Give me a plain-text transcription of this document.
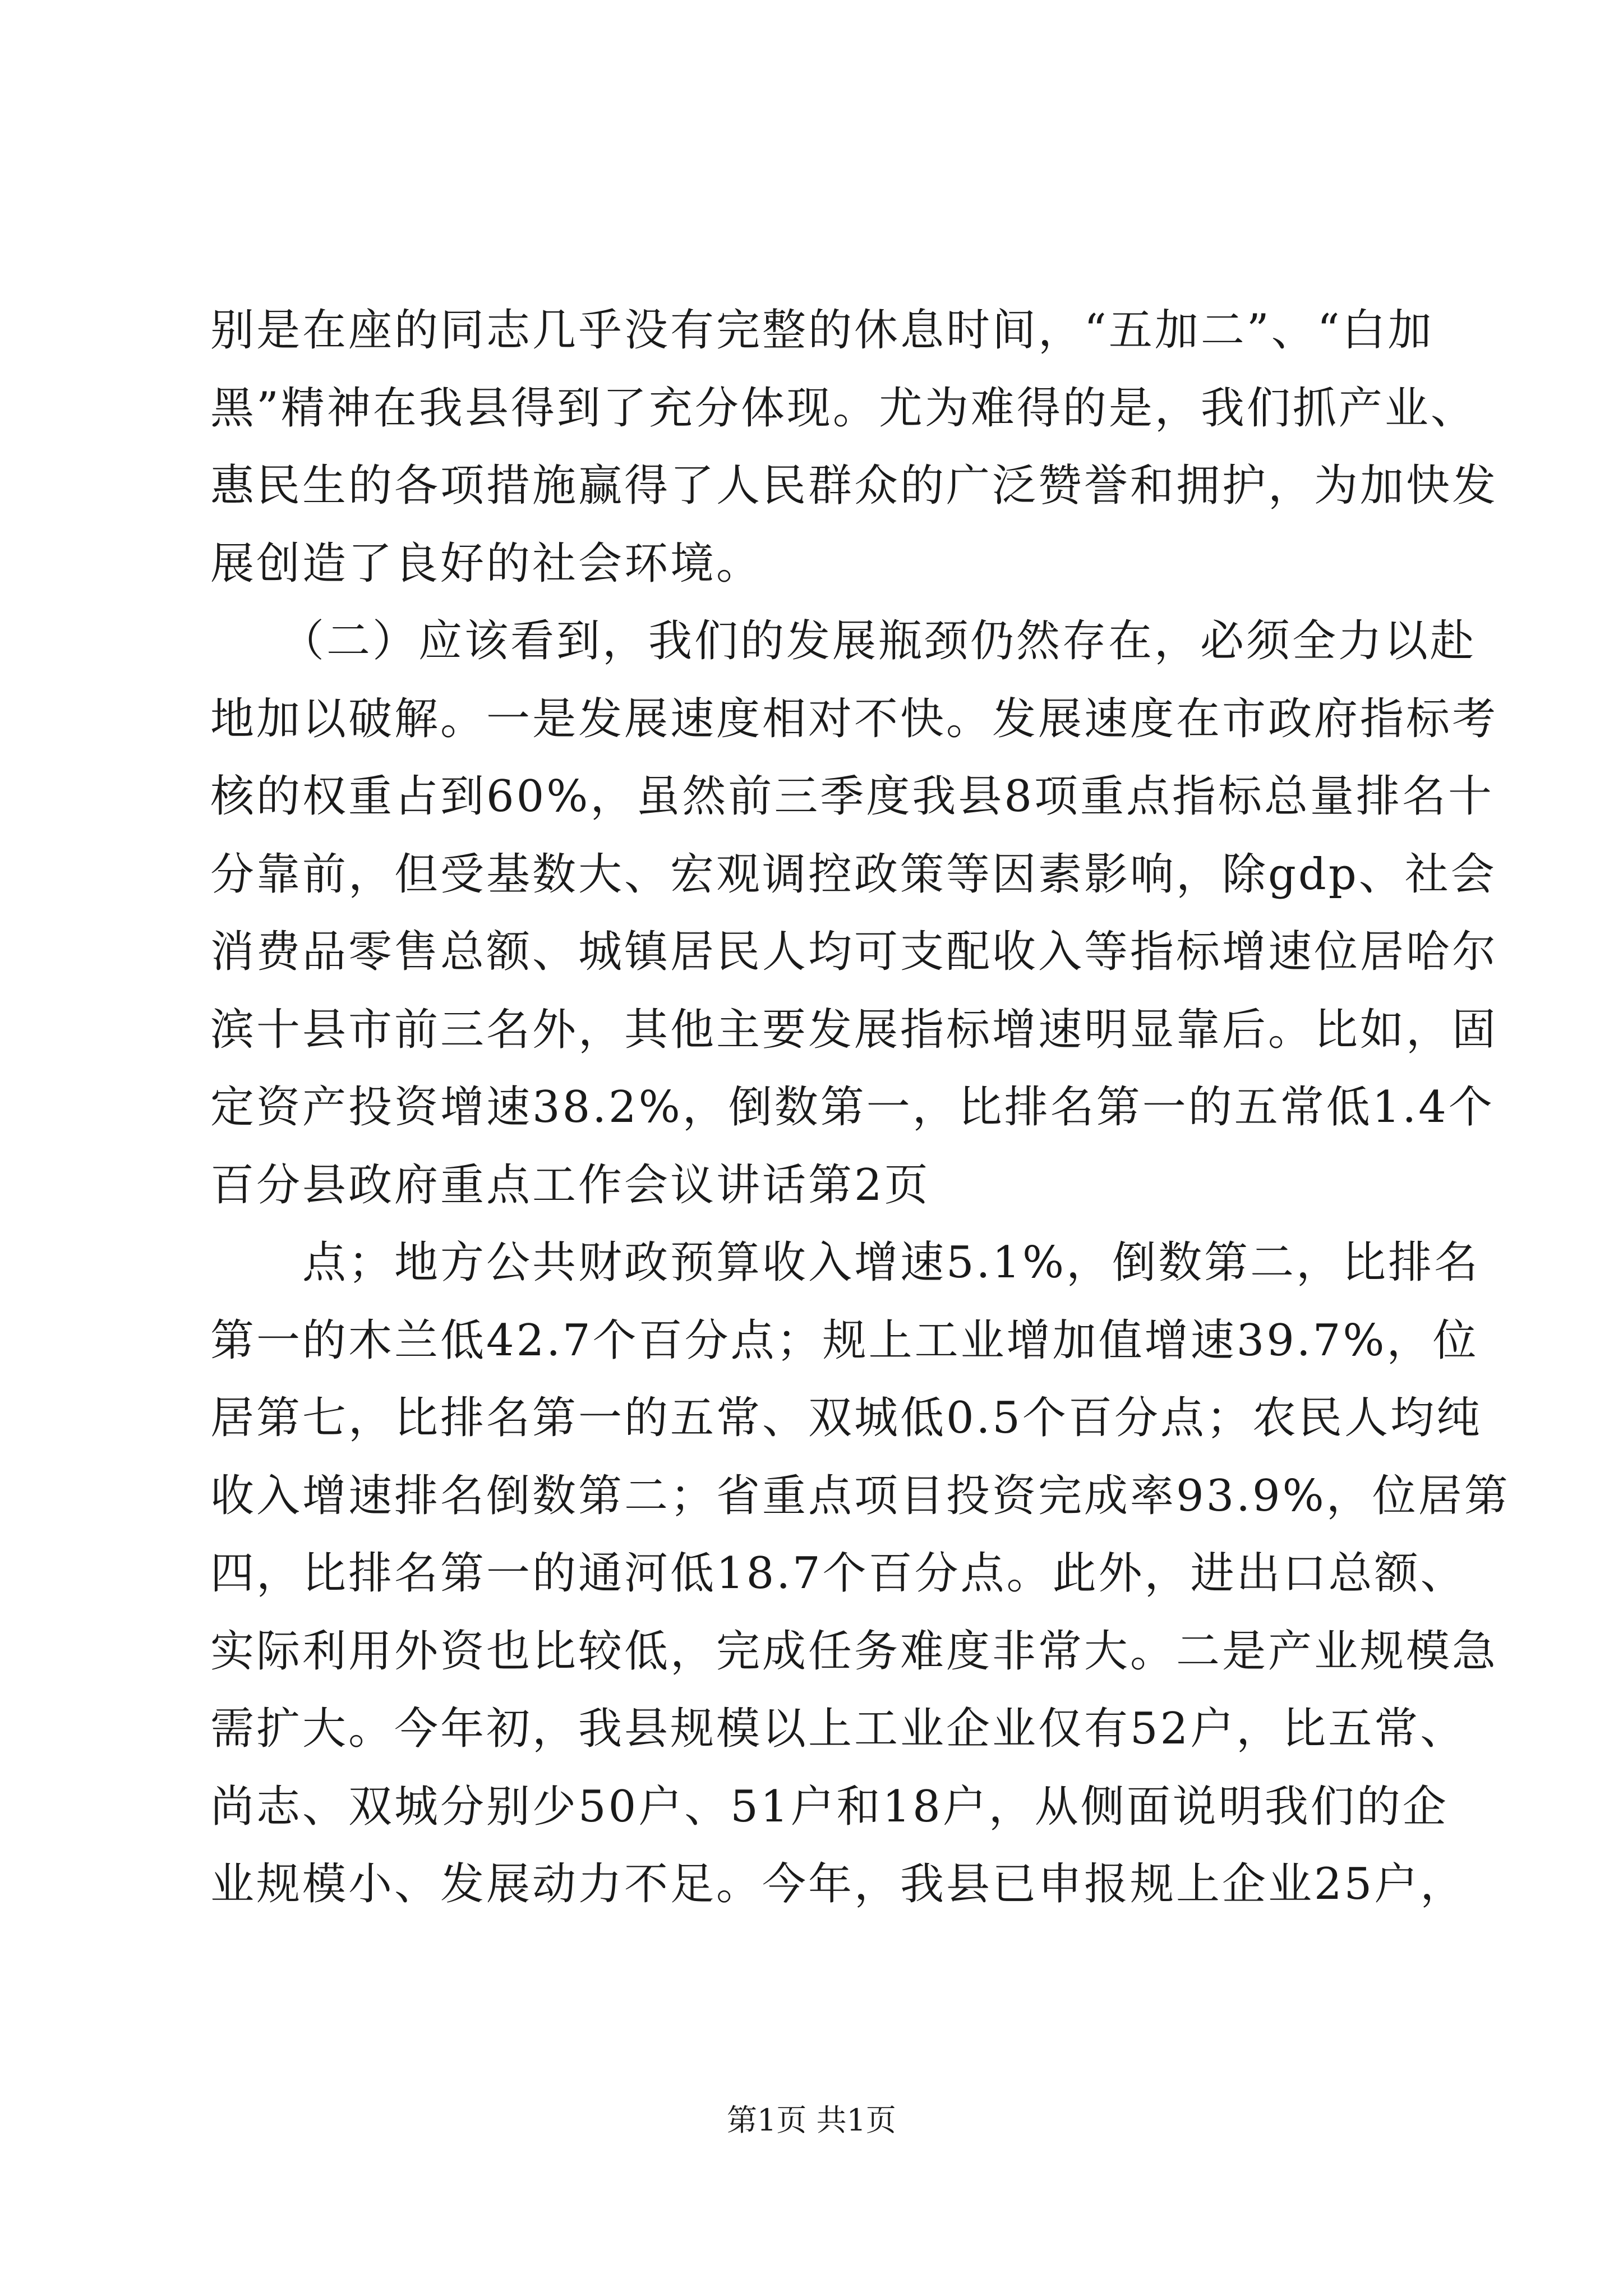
别是在座的同志几乎没有完整的休息时间，“五加二”、“白加
黑”精神在我县得到了充分体现。尤为难得的是，我们抓产业、
惠民生的各项措施赢得了人民群众的广泛赞誉和拥护，为加快发
展创造了良好的社会环境。
　　（二）应该看到，我们的发展瓶颈仍然存在，必须全力以赴
地加以破解。一是发展速度相对不快。发展速度在市政府指标考
核的权重占到60%，虽然前三季度我县8项重点指标总量排名十
分靠前，但受基数大、宏观调控政策等因素影响，除gdp、社会
消费品零售总额、城镇居民人均可支配收入等指标增速位居哈尔
滨十县市前三名外，其他主要发展指标增速明显靠后。比如，固
定资产投资增速38.2%，倒数第一，比排名第一的五常低1.4个
百分县政府重点工作会议讲话第2页
　　点；地方公共财政预算收入增速5.1%，倒数第二，比排名
第一的木兰低42.7个百分点；规上工业增加值增速39.7%，位
居第七，比排名第一的五常、双城低0.5个百分点；农民人均纯
收入增速排名倒数第二；省重点项目投资完成率93.9%，位居第
四，比排名第一的通河低18.7个百分点。此外，进出口总额、
实际利用外资也比较低，完成任务难度非常大。二是产业规模急
需扩大。今年初，我县规模以上工业企业仅有52户，比五常、
尚志、双城分别少50户、51户和18户，从侧面说明我们的企
业规模小、发展动力不足。今年，我县已申报规上企业25户，
第1页 共1页
